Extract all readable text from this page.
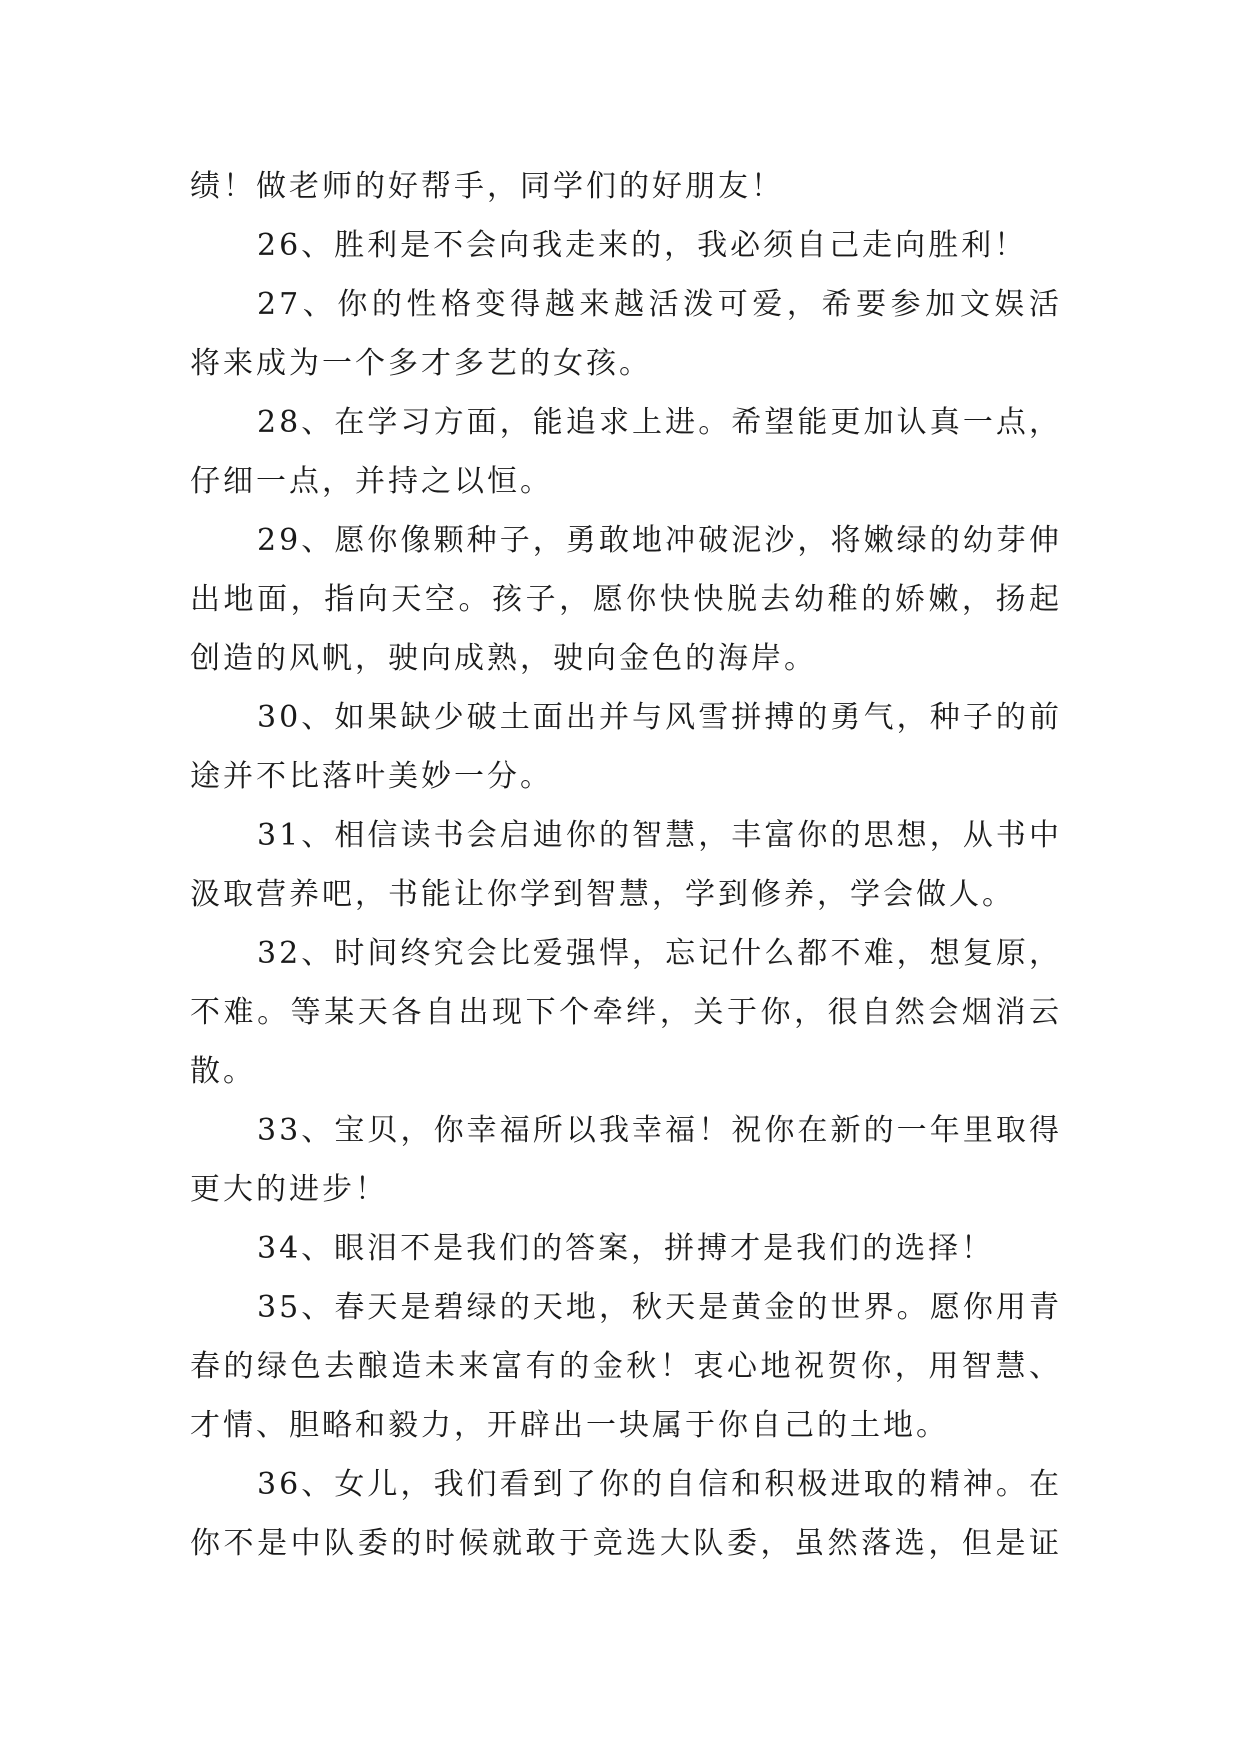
绩！做老师的好帮手，同学们的好朋友！
26、胜利是不会向我走来的，我必须自己走向胜利！
27、你的性格变得越来越活泼可爱，希要参加文娱活
将来成为一个多才多艺的女孩。
28、在学习方面，能追求上进。希望能更加认真一点，
仔细一点，并持之以恒。
29、愿你像颗种子，勇敢地冲破泥沙，将嫩绿的幼芽伸
出地面，指向天空。孩子，愿你快快脱去幼稚的娇嫩，扬起
创造的风帆，驶向成熟，驶向金色的海岸。
30、如果缺少破土面出并与风雪拼搏的勇气，种子的前
途并不比落叶美妙一分。
31、相信读书会启迪你的智慧，丰富你的思想，从书中
汲取营养吧，书能让你学到智慧，学到修养，学会做人。
32、时间终究会比爱强悍，忘记什么都不难，想复原，
不难。等某天各自出现下个牵绊，关于你，很自然会烟消云
散。
33、宝贝，你幸福所以我幸福！祝你在新的一年里取得
更大的进步！
34、眼泪不是我们的答案，拼搏才是我们的选择！
35、春天是碧绿的天地，秋天是黄金的世界。愿你用青
春的绿色去酿造未来富有的金秋！衷心地祝贺你，用智慧、
才情、胆略和毅力，开辟出一块属于你自己的土地。
36、女儿，我们看到了你的自信和积极进取的精神。在
你不是中队委的时候就敢于竞选大队委，虽然落选，但是证
